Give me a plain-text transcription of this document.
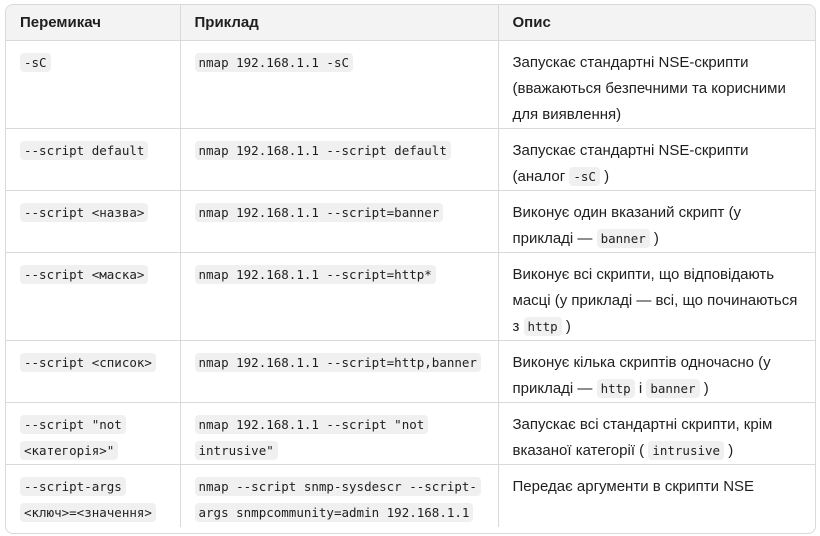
Перемикач	Приклад	Опис
-sC	nmap 192.168.1.1 -sC	Запускає стандартні NSE-скрипти (вважаються безпечними та корисними для виявлення)
--script default	nmap 192.168.1.1 --script default	Запускає стандартні NSE-скрипти (аналог -sC )
--script <назва>	nmap 192.168.1.1 --script=banner	Виконує один вказаний скрипт (у прикладі — banner )
--script <маска>	nmap 192.168.1.1 --script=http*	Виконує всі скрипти, що відповідають масці (у прикладі — всі, що починаються з http )
--script <список>	nmap 192.168.1.1 --script=http,banner	Виконує кілька скриптів одночасно (у прикладі — http і banner )
--script "not <категорія>"	nmap 192.168.1.1 --script "not intrusive"	Запускає всі стандартні скрипти, крім вказаної категорії ( intrusive )
--script-args <ключ>=<значення>	nmap --script snmp-sysdescr --script-args snmpcommunity=admin 192.168.1.1	Передає аргументи в скрипти NSE
